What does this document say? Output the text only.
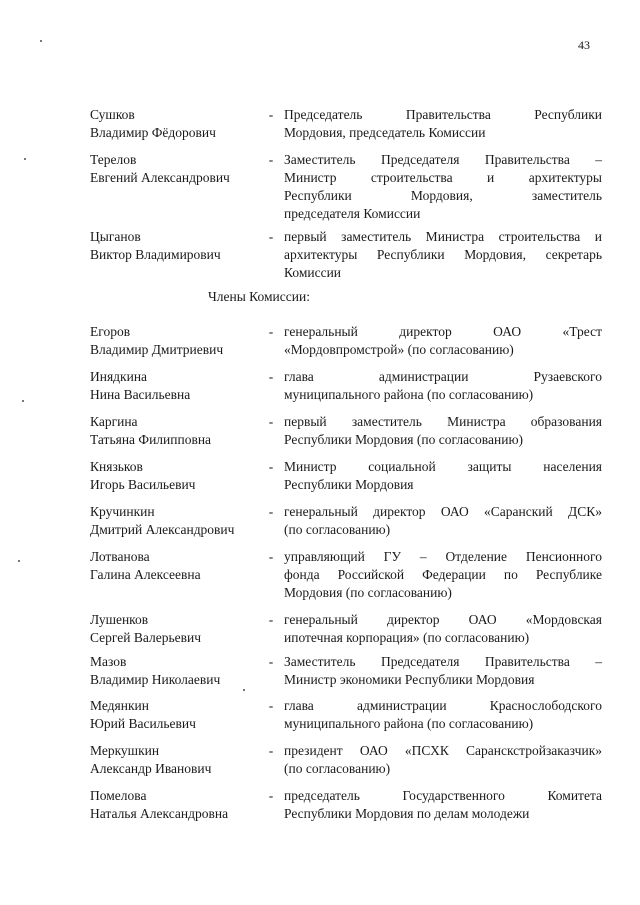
43
Сушков
Владимир Фёдорович
- Председатель Правительства Республики
Мордовия, председатель Комиссии
Терелов
Евгений Александрович
- Заместитель Председателя Правительства –
Министр строительства и архитектуры
Республики Мордовия, заместитель
председателя Комиссии
Цыганов
Виктор Владимирович
- первый заместитель Министра строительства и
архитектуры Республики Мордовия, секретарь
Комиссии
Члены Комиссии:
Егоров
Владимир Дмитриевич
- генеральный директор ОАО «Трест
«Мордовпромстрой» (по согласованию)
Инядкина
Нина Васильевна
- глава администрации Рузаевского
муниципального района (по согласованию)
Каргина
Татьяна Филипповна
- первый заместитель Министра образования
Республики Мордовия (по согласованию)
Князьков
Игорь Васильевич
- Министр социальной защиты населения
Республики Мордовия
Кручинкин
Дмитрий Александрович
- генеральный директор ОАО «Саранский ДСК»
(по согласованию)
Лотванова
Галина Алексеевна
- управляющий ГУ – Отделение Пенсионного
фонда Российской Федерации по Республике
Мордовия (по согласованию)
Лушенков
Сергей Валерьевич
- генеральный директор ОАО «Мордовская
ипотечная корпорация» (по согласованию)
Мазов
Владимир Николаевич
- Заместитель Председателя Правительства –
Министр экономики Республики Мордовия
Медянкин
Юрий Васильевич
- глава администрации Краснослободского
муниципального района (по согласованию)
Меркушкин
Александр Иванович
- президент ОАО «ПСХК Саранскстройзаказчик»
(по согласованию)
Помелова
Наталья Александровна
- председатель Государственного Комитета
Республики Мордовия по делам молодежи
